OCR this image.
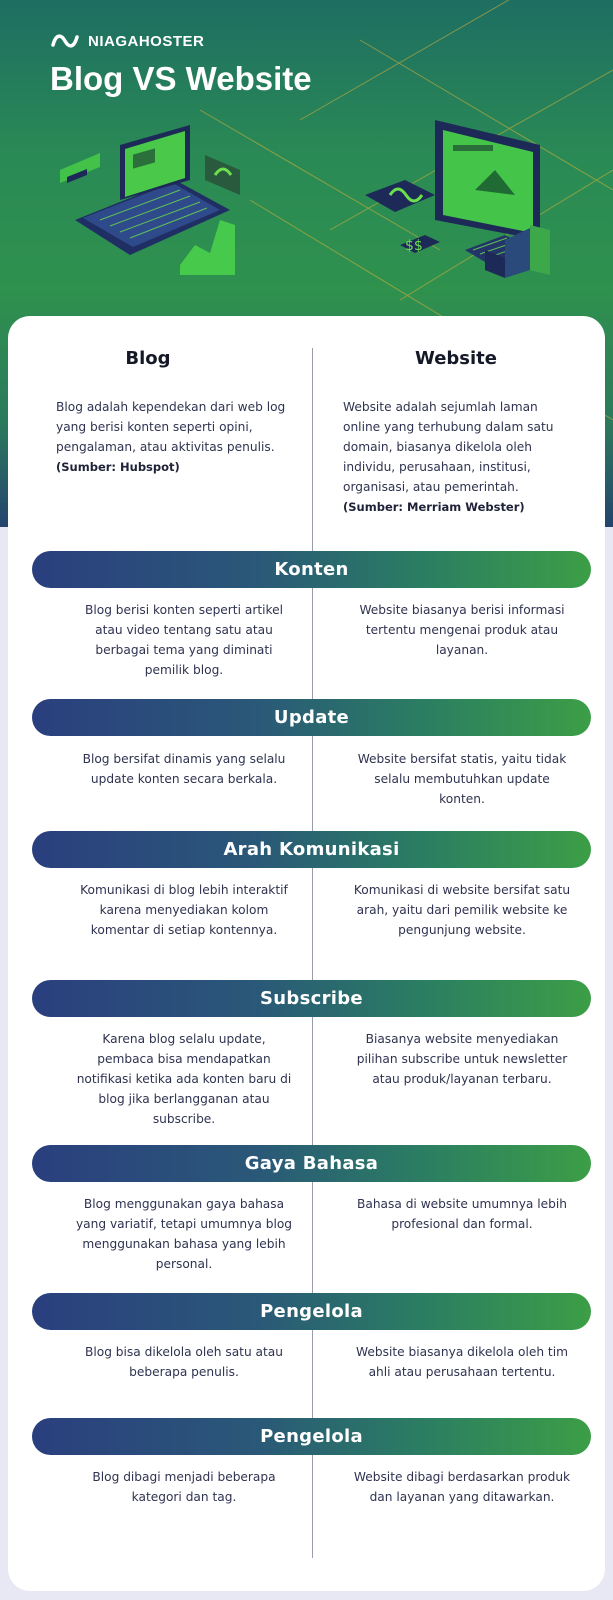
NIAGAHOSTER
Blog VS Website
$$
Blog	Website
Blog adalah kependekan dari web log yang berisi konten seperti opini, pengalaman, atau aktivitas penulis.
(Sumber: Hubspot)
Website adalah sejumlah laman online yang terhubung dalam satu domain, biasanya dikelola oleh individu, perusahaan, institusi, organisasi, atau pemerintah.
(Sumber: Merriam Webster)
Konten
Blog berisi konten seperti artikel atau video tentang satu atau berbagai tema yang diminati pemilik blog.
Website biasanya berisi informasi tertentu mengenai produk atau layanan.
Update
Blog bersifat dinamis yang selalu update konten secara berkala.
Website bersifat statis, yaitu tidak selalu membutuhkan update konten.
Arah Komunikasi
Komunikasi di blog lebih interaktif karena menyediakan kolom komentar di setiap kontennya.
Komunikasi di website bersifat satu arah, yaitu dari pemilik website ke pengunjung website.
Subscribe
Karena blog selalu update, pembaca bisa mendapatkan notifikasi ketika ada konten baru di blog jika berlangganan atau subscribe.
Biasanya website menyediakan pilihan subscribe untuk newsletter atau produk/layanan terbaru.
Gaya Bahasa
Blog menggunakan gaya bahasa yang variatif, tetapi umumnya blog menggunakan bahasa yang lebih personal.
Bahasa di website umumnya lebih profesional dan formal.
Pengelola
Blog bisa dikelola oleh satu atau beberapa penulis.
Website biasanya dikelola oleh tim ahli atau perusahaan tertentu.
Pengelola
Blog dibagi menjadi beberapa kategori dan tag.
Website dibagi berdasarkan produk dan layanan yang ditawarkan.
